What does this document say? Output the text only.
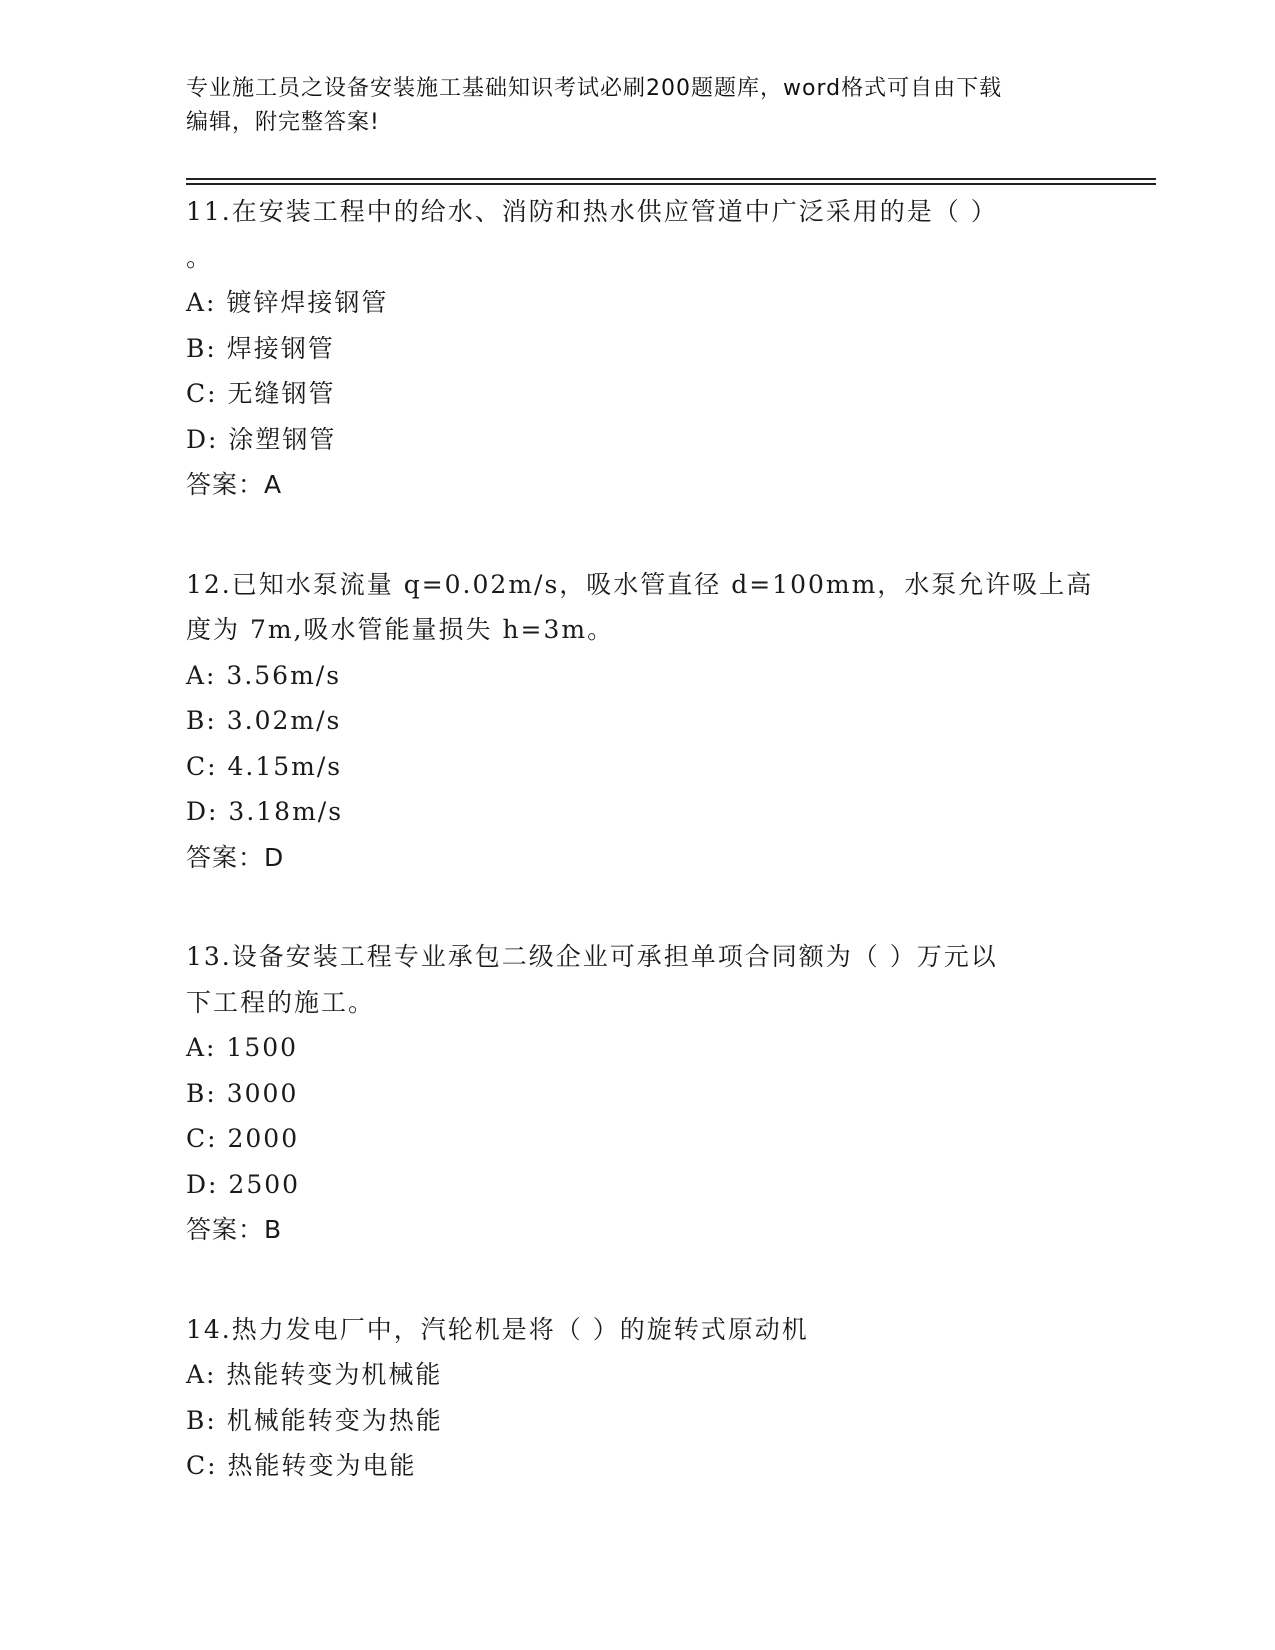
专业施工员之设备安装施工基础知识考试必刷200题题库，word格式可自由下载
编辑，附完整答案!
11.在安装工程中的给水、消防和热水供应管道中广泛采用的是（ ）
。
A: 镀锌焊接钢管
B: 焊接钢管
C: 无缝钢管
D: 涂塑钢管
答案：A
12.已知水泵流量 q=0.02m/s，吸水管直径 d=100mm，水泵允许吸上高
度为 7m,吸水管能量损失 h=3m。
A: 3.56m/s
B: 3.02m/s
C: 4.15m/s
D: 3.18m/s
答案：D
13.设备安装工程专业承包二级企业可承担单项合同额为（ ）万元以
下工程的施工。
A: 1500
B: 3000
C: 2000
D: 2500
答案：B
14.热力发电厂中，汽轮机是将（ ）的旋转式原动机
A: 热能转变为机械能
B: 机械能转变为热能
C: 热能转变为电能
